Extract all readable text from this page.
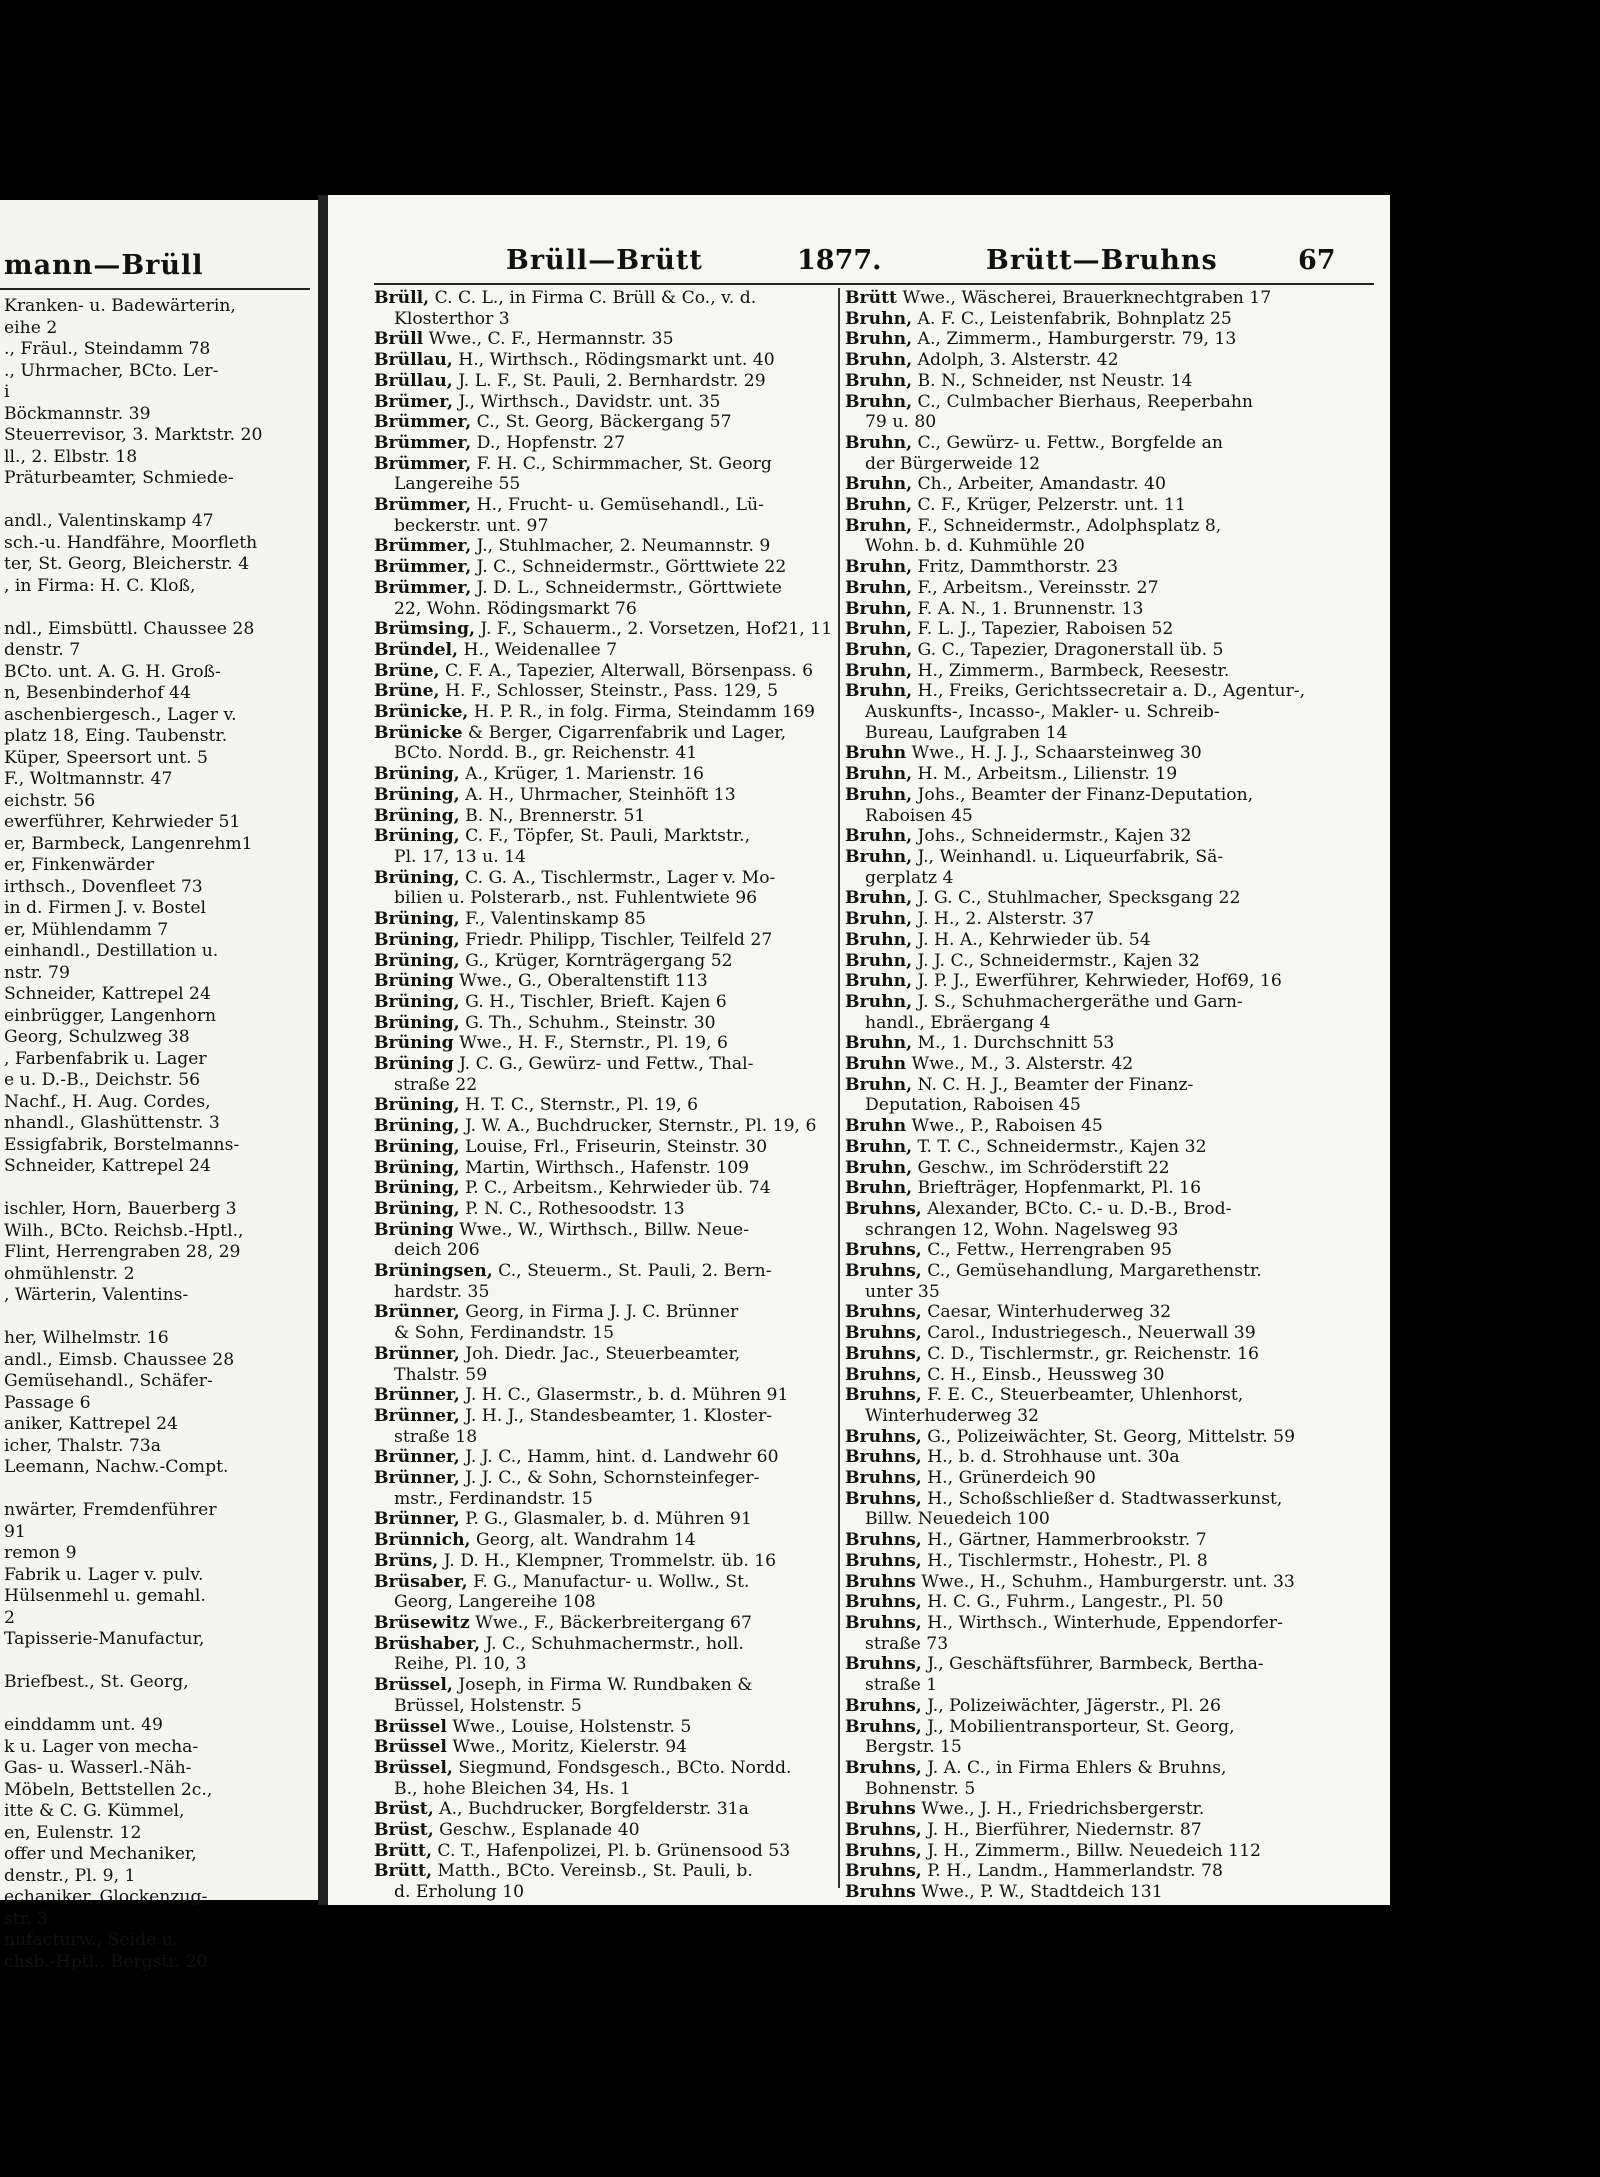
mann—Brüll
Kranken- u. Badewärterin,
eihe 2
., Fräul., Steindamm 78
., Uhrmacher, BCto. Ler-
i
Böckmannstr. 39
Steuerrevisor, 3. Marktstr. 20
ll., 2. Elbstr. 18
Präturbeamter, Schmiede-

andl., Valentinskamp 47
sch.-u. Handfähre, Moorfleth
ter, St. Georg, Bleicherstr. 4
, in Firma: H. C. Kloß,

ndl., Eimsbüttl. Chaussee 28
denstr. 7
BCto. unt. A. G. H. Groß-
n, Besenbinderhof 44
aschenbiergesch., Lager v.
platz 18, Eing. Taubenstr.
Küper, Speersort unt. 5
F., Woltmannstr. 47
eichstr. 56
ewerführer, Kehrwieder 51
er, Barmbeck, Langenrehm1
er, Finkenwärder
irthsch., Dovenfleet 73
in d. Firmen J. v. Bostel
er, Mühlendamm 7
einhandl., Destillation u.
nstr. 79
Schneider, Kattrepel 24
einbrügger, Langenhorn
Georg, Schulzweg 38
, Farbenfabrik u. Lager
e u. D.-B., Deichstr. 56
Nachf., H. Aug. Cordes,
nhandl., Glashüttenstr. 3
Essigfabrik, Borstelmanns-
Schneider, Kattrepel 24

ischler, Horn, Bauerberg 3
Wilh., BCto. Reichsb.-Hptl.,
Flint, Herrengraben 28, 29
ohmühlenstr. 2
, Wärterin, Valentins-

her, Wilhelmstr. 16
andl., Eimsb. Chaussee 28
Gemüsehandl., Schäfer-
Passage 6
aniker, Kattrepel 24
icher, Thalstr. 73a
Leemann, Nachw.-Compt.

nwärter, Fremdenführer
91
remon 9
Fabrik u. Lager v. pulv.
Hülsenmehl u. gemahl.
2
Tapisserie-Manufactur,

Briefbest., St. Georg,

einddamm unt. 49
k u. Lager von mecha-
Gas- u. Wasserl.-Näh-
Möbeln, Bettstellen 2c.,
itte & C. G. Kümmel,
en, Eulenstr. 12
offer und Mechaniker,
denstr., Pl. 9, 1
echaniker, Glockenzug-
str. 3
nufacturw., Seide u.
chsb.-Hptl., Bergstr. 20
Brüll—Brütt	1877.	Brütt—Bruhns	67
Brüll, C. C. L., in Firma C. Brüll & Co., v. d.
Klosterthor 3
Brüll Wwe., C. F., Hermannstr. 35
Brüllau, H., Wirthsch., Rödingsmarkt unt. 40
Brüllau, J. L. F., St. Pauli, 2. Bernhardstr. 29
Brümer, J., Wirthsch., Davidstr. unt. 35
Brümmer, C., St. Georg, Bäckergang 57
Brümmer, D., Hopfenstr. 27
Brümmer, F. H. C., Schirmmacher, St. Georg
Langereihe 55
Brümmer, H., Frucht- u. Gemüsehandl., Lü-
beckerstr. unt. 97
Brümmer, J., Stuhlmacher, 2. Neumannstr. 9
Brümmer, J. C., Schneidermstr., Görttwiete 22
Brümmer, J. D. L., Schneidermstr., Görttwiete
22, Wohn. Rödingsmarkt 76
Brümsing, J. F., Schauerm., 2. Vorsetzen, Hof21, 11
Bründel, H., Weidenallee 7
Brüne, C. F. A., Tapezier, Alterwall, Börsenpass. 6
Brüne, H. F., Schlosser, Steinstr., Pass. 129, 5
Brünicke, H. P. R., in folg. Firma, Steindamm 169
Brünicke & Berger, Cigarrenfabrik und Lager,
BCto. Nordd. B., gr. Reichenstr. 41
Brüning, A., Krüger, 1. Marienstr. 16
Brüning, A. H., Uhrmacher, Steinhöft 13
Brüning, B. N., Brennerstr. 51
Brüning, C. F., Töpfer, St. Pauli, Marktstr.,
Pl. 17, 13 u. 14
Brüning, C. G. A., Tischlermstr., Lager v. Mo-
bilien u. Polsterarb., nst. Fuhlentwiete 96
Brüning, F., Valentinskamp 85
Brüning, Friedr. Philipp, Tischler, Teilfeld 27
Brüning, G., Krüger, Kornträgergang 52
Brüning Wwe., G., Oberaltenstift 113
Brüning, G. H., Tischler, Brieft. Kajen 6
Brüning, G. Th., Schuhm., Steinstr. 30
Brüning Wwe., H. F., Sternstr., Pl. 19, 6
Brüning J. C. G., Gewürz- und Fettw., Thal-
straße 22
Brüning, H. T. C., Sternstr., Pl. 19, 6
Brüning, J. W. A., Buchdrucker, Sternstr., Pl. 19, 6
Brüning, Louise, Frl., Friseurin, Steinstr. 30
Brüning, Martin, Wirthsch., Hafenstr. 109
Brüning, P. C., Arbeitsm., Kehrwieder üb. 74
Brüning, P. N. C., Rothesoodstr. 13
Brüning Wwe., W., Wirthsch., Billw. Neue-
deich 206
Brüningsen, C., Steuerm., St. Pauli, 2. Bern-
hardstr. 35
Brünner, Georg, in Firma J. J. C. Brünner
& Sohn, Ferdinandstr. 15
Brünner, Joh. Diedr. Jac., Steuerbeamter,
Thalstr. 59
Brünner, J. H. C., Glasermstr., b. d. Mühren 91
Brünner, J. H. J., Standesbeamter, 1. Kloster-
straße 18
Brünner, J. J. C., Hamm, hint. d. Landwehr 60
Brünner, J. J. C., & Sohn, Schornsteinfeger-
mstr., Ferdinandstr. 15
Brünner, P. G., Glasmaler, b. d. Mühren 91
Brünnich, Georg, alt. Wandrahm 14
Brüns, J. D. H., Klempner, Trommelstr. üb. 16
Brüsaber, F. G., Manufactur- u. Wollw., St.
Georg, Langereihe 108
Brüsewitz Wwe., F., Bäckerbreitergang 67
Brüshaber, J. C., Schuhmachermstr., holl.
Reihe, Pl. 10, 3
Brüssel, Joseph, in Firma W. Rundbaken &
Brüssel, Holstenstr. 5
Brüssel Wwe., Louise, Holstenstr. 5
Brüssel Wwe., Moritz, Kielerstr. 94
Brüssel, Siegmund, Fondsgesch., BCto. Nordd.
B., hohe Bleichen 34, Hs. 1
Brüst, A., Buchdrucker, Borgfelderstr. 31a
Brüst, Geschw., Esplanade 40
Brütt, C. T., Hafenpolizei, Pl. b. Grünensood 53
Brütt, Matth., BCto. Vereinsb., St. Pauli, b.
d. Erholung 10
Brütt Wwe., Wäscherei, Brauerknechtgraben 17
Bruhn, A. F. C., Leistenfabrik, Bohnplatz 25
Bruhn, A., Zimmerm., Hamburgerstr. 79, 13
Bruhn, Adolph, 3. Alsterstr. 42
Bruhn, B. N., Schneider, nst Neustr. 14
Bruhn, C., Culmbacher Bierhaus, Reeperbahn
79 u. 80
Bruhn, C., Gewürz- u. Fettw., Borgfelde an
der Bürgerweide 12
Bruhn, Ch., Arbeiter, Amandastr. 40
Bruhn, C. F., Krüger, Pelzerstr. unt. 11
Bruhn, F., Schneidermstr., Adolphsplatz 8,
Wohn. b. d. Kuhmühle 20
Bruhn, Fritz, Dammthorstr. 23
Bruhn, F., Arbeitsm., Vereinsstr. 27
Bruhn, F. A. N., 1. Brunnenstr. 13
Bruhn, F. L. J., Tapezier, Raboisen 52
Bruhn, G. C., Tapezier, Dragonerstall üb. 5
Bruhn, H., Zimmerm., Barmbeck, Reesestr.
Bruhn, H., Freiks, Gerichtssecretair a. D., Agentur-,
Auskunfts-, Incasso-, Makler- u. Schreib-
Bureau, Laufgraben 14
Bruhn Wwe., H. J. J., Schaarsteinweg 30
Bruhn, H. M., Arbeitsm., Lilienstr. 19
Bruhn, Johs., Beamter der Finanz-Deputation,
Raboisen 45
Bruhn, Johs., Schneidermstr., Kajen 32
Bruhn, J., Weinhandl. u. Liqueurfabrik, Sä-
gerplatz 4
Bruhn, J. G. C., Stuhlmacher, Specksgang 22
Bruhn, J. H., 2. Alsterstr. 37
Bruhn, J. H. A., Kehrwieder üb. 54
Bruhn, J. J. C., Schneidermstr., Kajen 32
Bruhn, J. P. J., Ewerführer, Kehrwieder, Hof69, 16
Bruhn, J. S., Schuhmachergeräthe und Garn-
handl., Ebräergang 4
Bruhn, M., 1. Durchschnitt 53
Bruhn Wwe., M., 3. Alsterstr. 42
Bruhn, N. C. H. J., Beamter der Finanz-
Deputation, Raboisen 45
Bruhn Wwe., P., Raboisen 45
Bruhn, T. T. C., Schneidermstr., Kajen 32
Bruhn, Geschw., im Schröderstift 22
Bruhn, Briefträger, Hopfenmarkt, Pl. 16
Bruhns, Alexander, BCto. C.- u. D.-B., Brod-
schrangen 12, Wohn. Nagelsweg 93
Bruhns, C., Fettw., Herrengraben 95
Bruhns, C., Gemüsehandlung, Margarethenstr.
unter 35
Bruhns, Caesar, Winterhuderweg 32
Bruhns, Carol., Industriegesch., Neuerwall 39
Bruhns, C. D., Tischlermstr., gr. Reichenstr. 16
Bruhns, C. H., Einsb., Heussweg 30
Bruhns, F. E. C., Steuerbeamter, Uhlenhorst,
Winterhuderweg 32
Bruhns, G., Polizeiwächter, St. Georg, Mittelstr. 59
Bruhns, H., b. d. Strohhause unt. 30a
Bruhns, H., Grünerdeich 90
Bruhns, H., Schoßschließer d. Stadtwasserkunst,
Billw. Neuedeich 100
Bruhns, H., Gärtner, Hammerbrookstr. 7
Bruhns, H., Tischlermstr., Hohestr., Pl. 8
Bruhns Wwe., H., Schuhm., Hamburgerstr. unt. 33
Bruhns, H. C. G., Fuhrm., Langestr., Pl. 50
Bruhns, H., Wirthsch., Winterhude, Eppendorfer-
straße 73
Bruhns, J., Geschäftsführer, Barmbeck, Bertha-
straße 1
Bruhns, J., Polizeiwächter, Jägerstr., Pl. 26
Bruhns, J., Mobilientransporteur, St. Georg,
Bergstr. 15
Bruhns, J. A. C., in Firma Ehlers & Bruhns,
Bohnenstr. 5
Bruhns Wwe., J. H., Friedrichsbergerstr.
Bruhns, J. H., Bierführer, Niedernstr. 87
Bruhns, J. H., Zimmerm., Billw. Neuedeich 112
Bruhns, P. H., Landm., Hammerlandstr. 78
Bruhns Wwe., P. W., Stadtdeich 131
